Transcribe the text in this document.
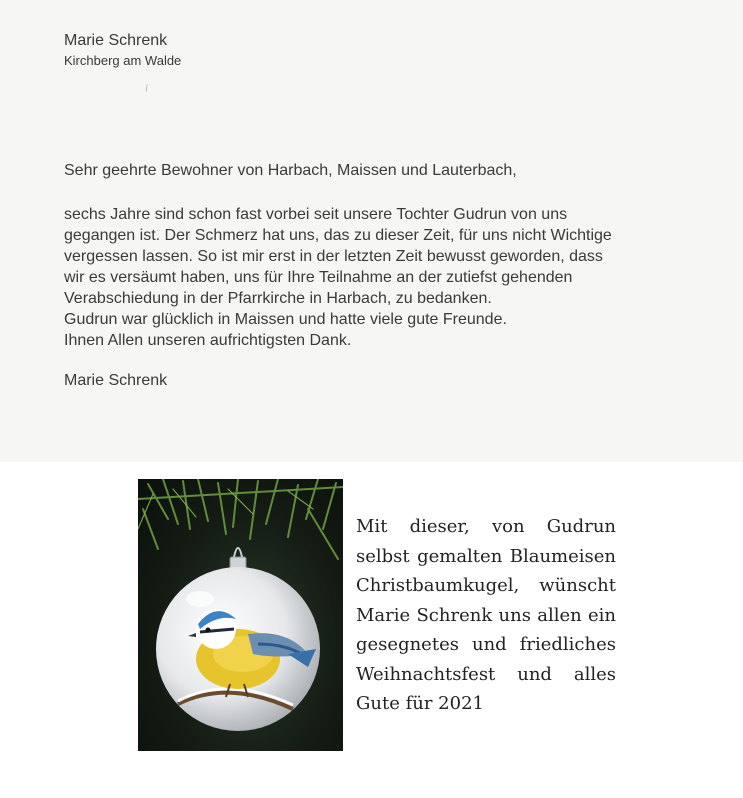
Marie Schrenk
Kirchberg am Walde
Sehr geehrte Bewohner von Harbach, Maissen und Lauterbach,
sechs Jahre sind schon fast vorbei seit unsere Tochter Gudrun von uns
gegangen ist. Der Schmerz hat uns, das zu dieser Zeit, für uns nicht Wichtige
vergessen lassen. So ist mir erst in der letzten Zeit bewusst geworden, dass
wir es versäumt haben, uns für Ihre Teilnahme an der zutiefst gehenden
Verabschiedung in der Pfarrkirche in Harbach, zu bedanken.
Gudrun war glücklich in Maissen und hatte viele gute Freunde.
Ihnen Allen unseren aufrichtigsten Dank.
Marie Schrenk
Mit dieser, von Gudrun
selbst gemalten Blaumeisen
Christbaumkugel, wünscht
Marie Schrenk uns allen ein
gesegnetes und friedliches
Weihnachtsfest und alles
Gute für 2021
